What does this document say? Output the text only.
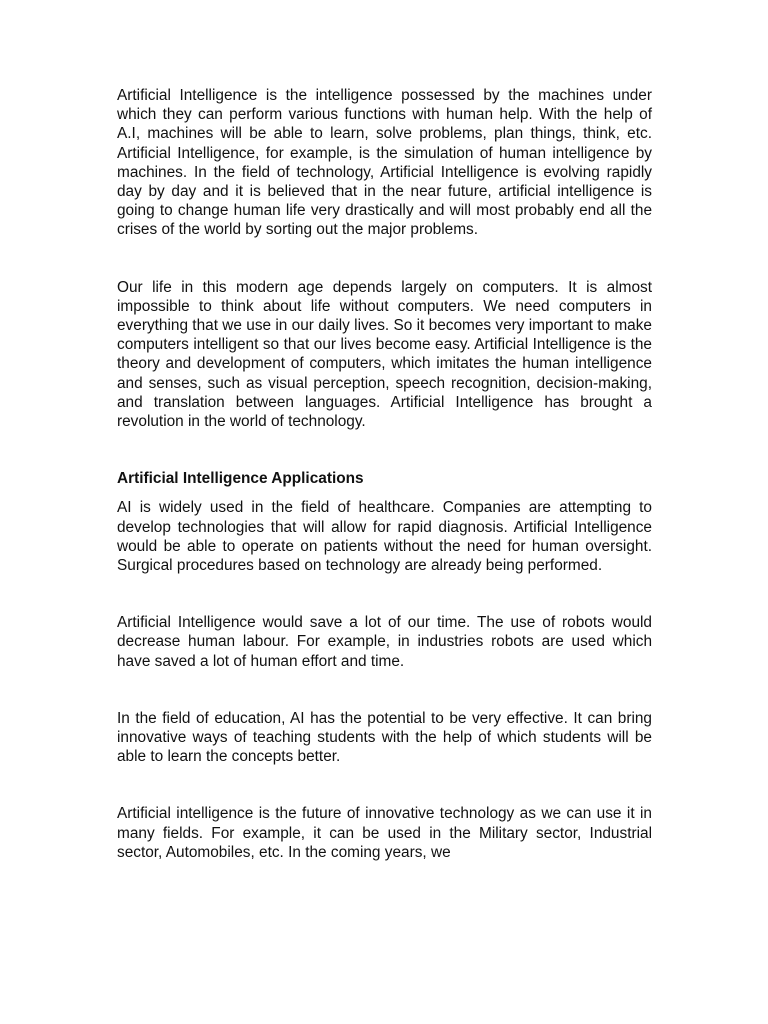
Artificial Intelligence is the intelligence possessed by the machines under which they can perform various functions with human help. With the help of A.I, machines will be able to learn, solve problems, plan things, think, etc. Artificial Intelligence, for example, is the simulation of human intelligence by machines. In the field of technology, Artificial Intelligence is evolving rapidly day by day and it is believed that in the near future, artificial intelligence is going to change human life very drastically and will most probably end all the crises of the world by sorting out the major problems.

Our life in this modern age depends largely on computers. It is almost impossible to think about life without computers. We need computers in everything that we use in our daily lives. So it becomes very important to make computers intelligent so that our lives become easy. Artificial Intelligence is the theory and development of computers, which imitates the human intelligence and senses, such as visual perception, speech recognition, decision-making, and translation between languages. Artificial Intelligence has brought a revolution in the world of technology.

Artificial Intelligence Applications

AI is widely used in the field of healthcare. Companies are attempting to develop technologies that will allow for rapid diagnosis. Artificial Intelligence would be able to operate on patients without the need for human oversight. Surgical procedures based on technology are already being performed.

Artificial Intelligence would save a lot of our time. The use of robots would decrease human labour. For example, in industries robots are used which have saved a lot of human effort and time.

In the field of education, AI has the potential to be very effective. It can bring innovative ways of teaching students with the help of which students will be able to learn the concepts better.

Artificial intelligence is the future of innovative technology as we can use it in many fields. For example, it can be used in the Military sector, Industrial sector, Automobiles, etc. In the coming years, we
